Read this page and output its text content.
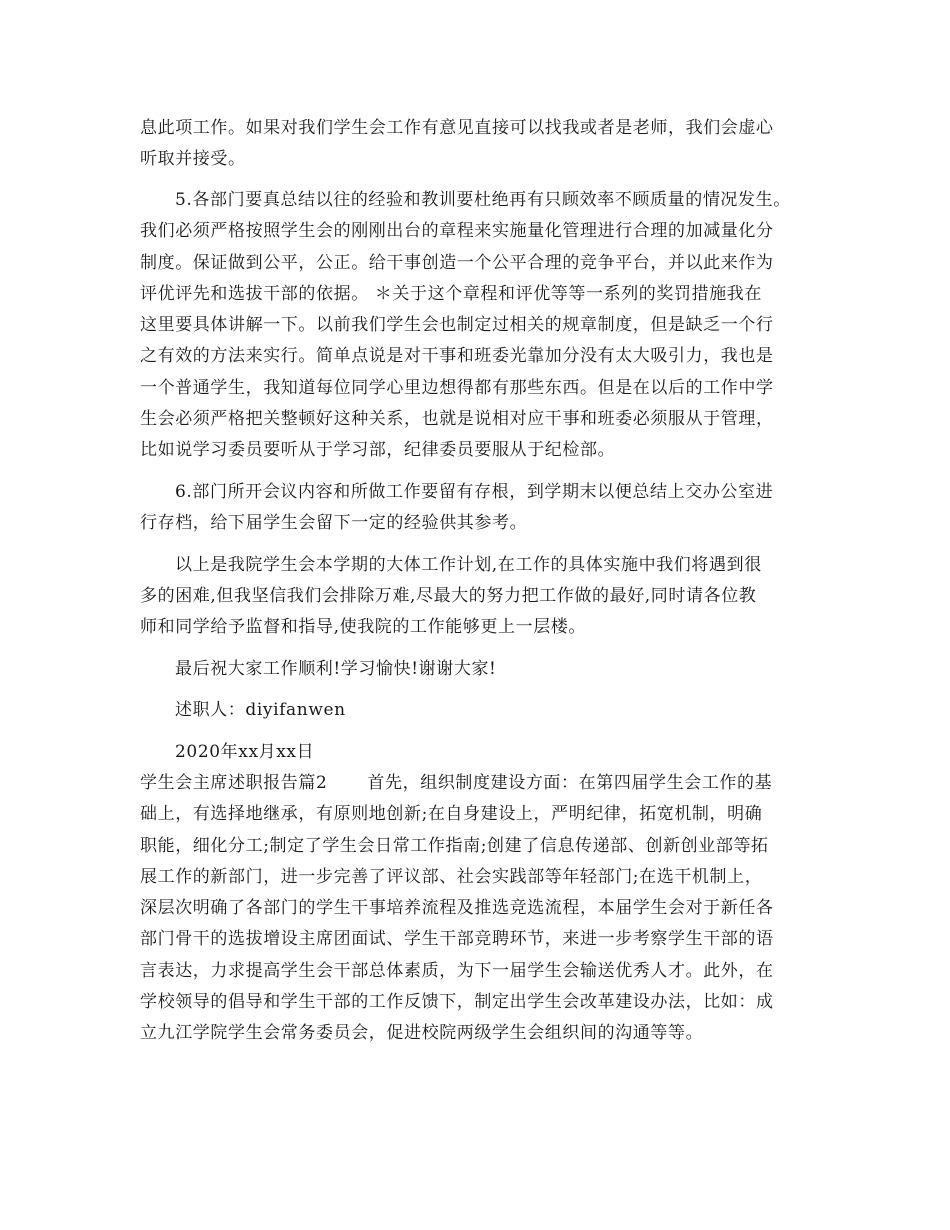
息此项工作。如果对我们学生会工作有意见直接可以找我或者是老师，我们会虚心
听取并接受。
5.各部门要真总结以往的经验和教训要杜绝再有只顾效率不顾质量的情况发生。
我们必须严格按照学生会的刚刚出台的章程来实施量化管理进行合理的加减量化分
制度。保证做到公平，公正。给干事创造一个公平合理的竞争平台，并以此来作为
评优评先和选拔干部的依据。 ＊关于这个章程和评优等等一系列的奖罚措施我在
这里要具体讲解一下。以前我们学生会也制定过相关的规章制度，但是缺乏一个行
之有效的方法来实行。简单点说是对干事和班委光靠加分没有太大吸引力，我也是
一个普通学生，我知道每位同学心里边想得都有那些东西。但是在以后的工作中学
生会必须严格把关整顿好这种关系，也就是说相对应干事和班委必须服从于管理，
比如说学习委员要听从于学习部，纪律委员要服从于纪检部。
6.部门所开会议内容和所做工作要留有存根，到学期末以便总结上交办公室进
行存档，给下届学生会留下一定的经验供其参考。
以上是我院学生会本学期的大体工作计划,在工作的具体实施中我们将遇到很
多的困难,但我坚信我们会排除万难,尽最大的努力把工作做的最好,同时请各位教
师和同学给予监督和指导,使我院的工作能够更上一层楼。
最后祝大家工作顺利!学习愉快!谢谢大家!
述职人：diyifanwen
2020年xx月xx日
学生会主席述职报告篇2 首先，组织制度建设方面：在第四届学生会工作的基
础上，有选择地继承，有原则地创新;在自身建设上，严明纪律，拓宽机制，明确
职能，细化分工;制定了学生会日常工作指南;创建了信息传递部、创新创业部等拓
展工作的新部门，进一步完善了评议部、社会实践部等年轻部门;在选干机制上，
深层次明确了各部门的学生干事培养流程及推选竞选流程，本届学生会对于新任各
部门骨干的选拔增设主席团面试、学生干部竞聘环节，来进一步考察学生干部的语
言表达，力求提高学生会干部总体素质，为下一届学生会输送优秀人才。此外，在
学校领导的倡导和学生干部的工作反馈下，制定出学生会改革建设办法，比如：成
立九江学院学生会常务委员会，促进校院两级学生会组织间的沟通等等。
